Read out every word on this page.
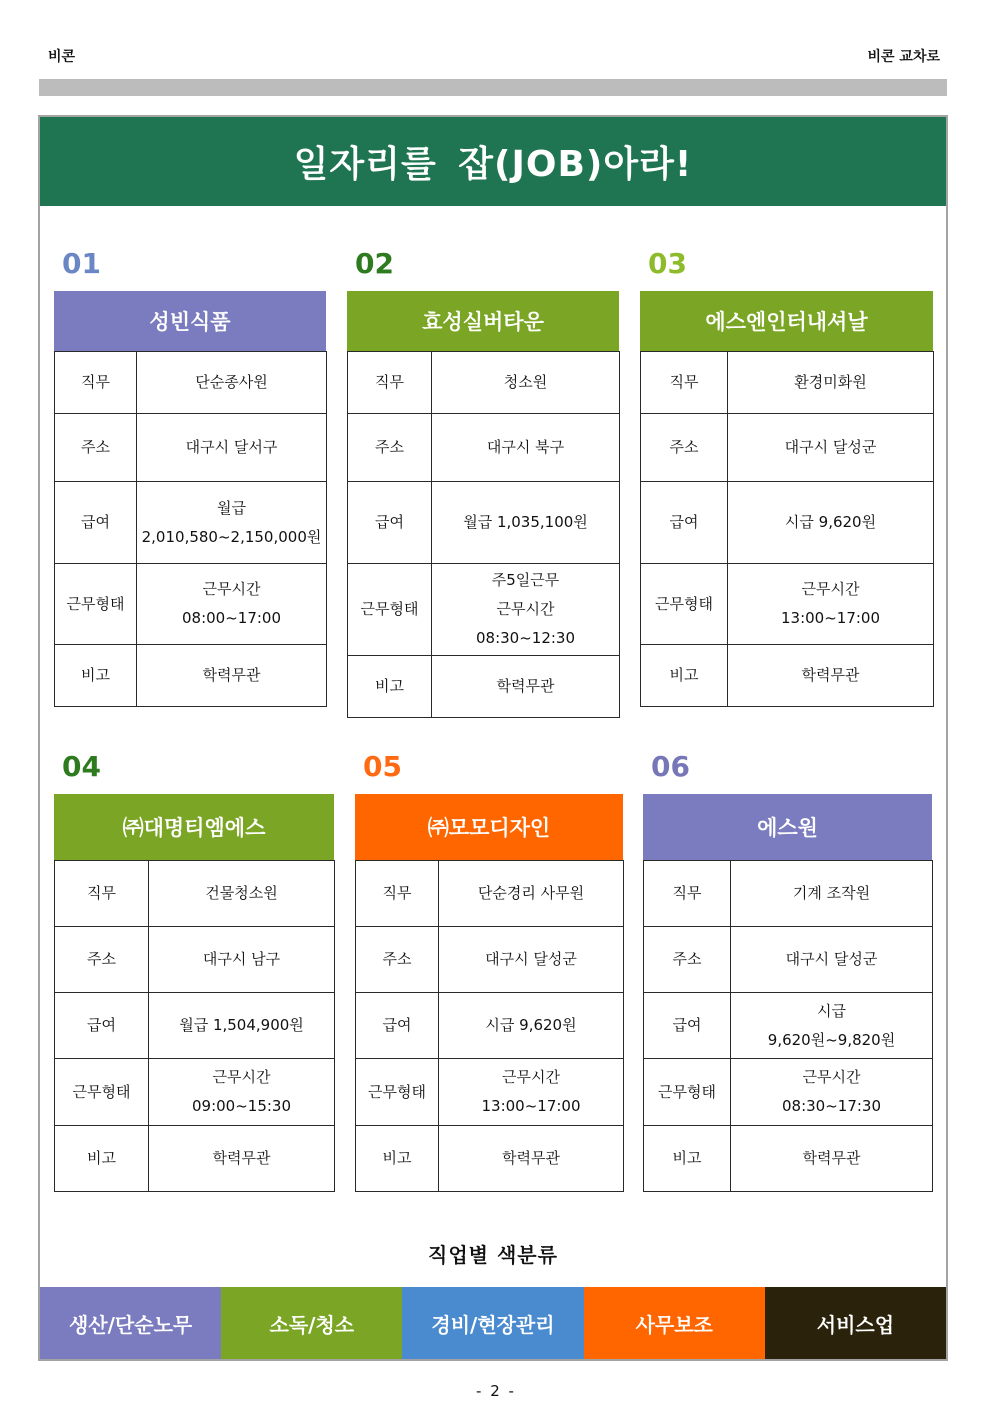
비콘	비콘 교차로
일자리를 잡(JOB)아라!
01
성빈식품
직무	단순종사원
주소	대구시 달서구
급여	월급
2,010,580~2,150,000원
근무형태	근무시간
08:00~17:00
비고	학력무관
02
효성실버타운
직무	청소원
주소	대구시 북구
급여	월급 1,035,100원
근무형태	주5일근무
근무시간
08:30~12:30
비고	학력무관
03
에스엔인터내셔날
직무	환경미화원
주소	대구시 달성군
급여	시급 9,620원
근무형태	근무시간
13:00~17:00
비고	학력무관
04
㈜대명티엠에스
직무	건물청소원
주소	대구시 남구
급여	월급 1,504,900원
근무형태	근무시간
09:00~15:30
비고	학력무관
05
㈜모모디자인
직무	단순경리 사무원
주소	대구시 달성군
급여	시급 9,620원
근무형태	근무시간
13:00~17:00
비고	학력무관
06
에스원
직무	기계 조작원
주소	대구시 달성군
급여	시급
9,620원~9,820원
근무형태	근무시간
08:30~17:30
비고	학력무관
직업별 색분류
생산/단순노무	소독/청소	경비/현장관리	사무보조	서비스업
- 2 -
